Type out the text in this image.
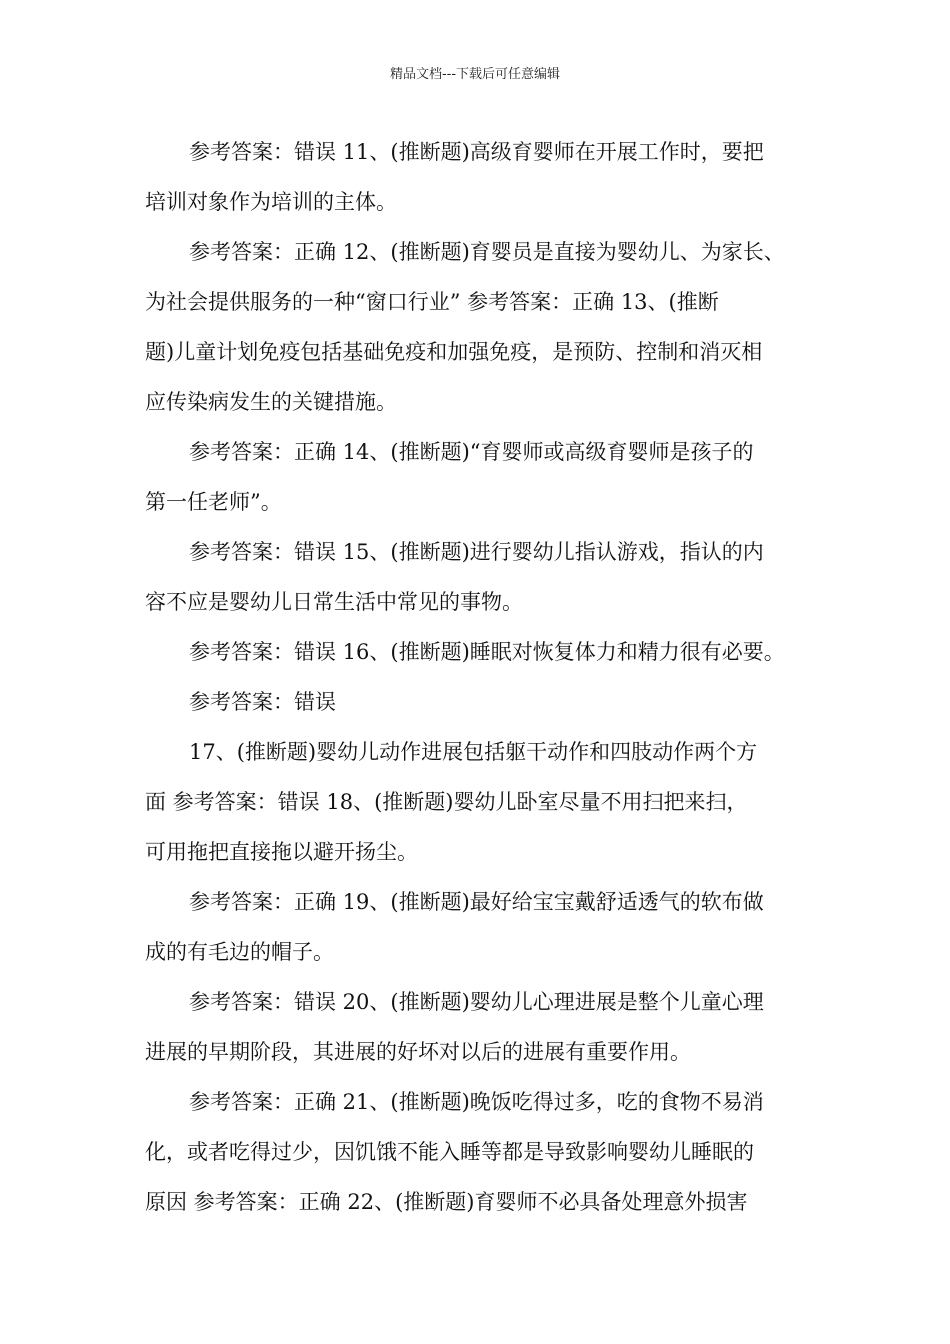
精品文档---下载后可任意编辑
参考答案：错误 11、(推断题)高级育婴师在开展工作时，要把
培训对象作为培训的主体。
参考答案：正确 12、(推断题)育婴员是直接为婴幼儿、为家长、
为社会提供服务的一种“窗口行业” 参考答案：正确 13、(推断
题)儿童计划免疫包括基础免疫和加强免疫，是预防、控制和消灭相
应传染病发生的关键措施。
参考答案：正确 14、(推断题)“育婴师或高级育婴师是孩子的
第一任老师”。
参考答案：错误 15、(推断题)进行婴幼儿指认游戏，指认的内
容不应是婴幼儿日常生活中常见的事物。
参考答案：错误 16、(推断题)睡眠对恢复体力和精力很有必要。
参考答案：错误
17、(推断题)婴幼儿动作进展包括躯干动作和四肢动作两个方
面 参考答案：错误 18、(推断题)婴幼儿卧室尽量不用扫把来扫，
可用拖把直接拖以避开扬尘。
参考答案：正确 19、(推断题)最好给宝宝戴舒适透气的软布做
成的有毛边的帽子。
参考答案：错误 20、(推断题)婴幼儿心理进展是整个儿童心理
进展的早期阶段，其进展的好坏对以后的进展有重要作用。
参考答案：正确 21、(推断题)晚饭吃得过多，吃的食物不易消
化，或者吃得过少，因饥饿不能入睡等都是导致影响婴幼儿睡眠的
原因 参考答案：正确 22、(推断题)育婴师不必具备处理意外损害
